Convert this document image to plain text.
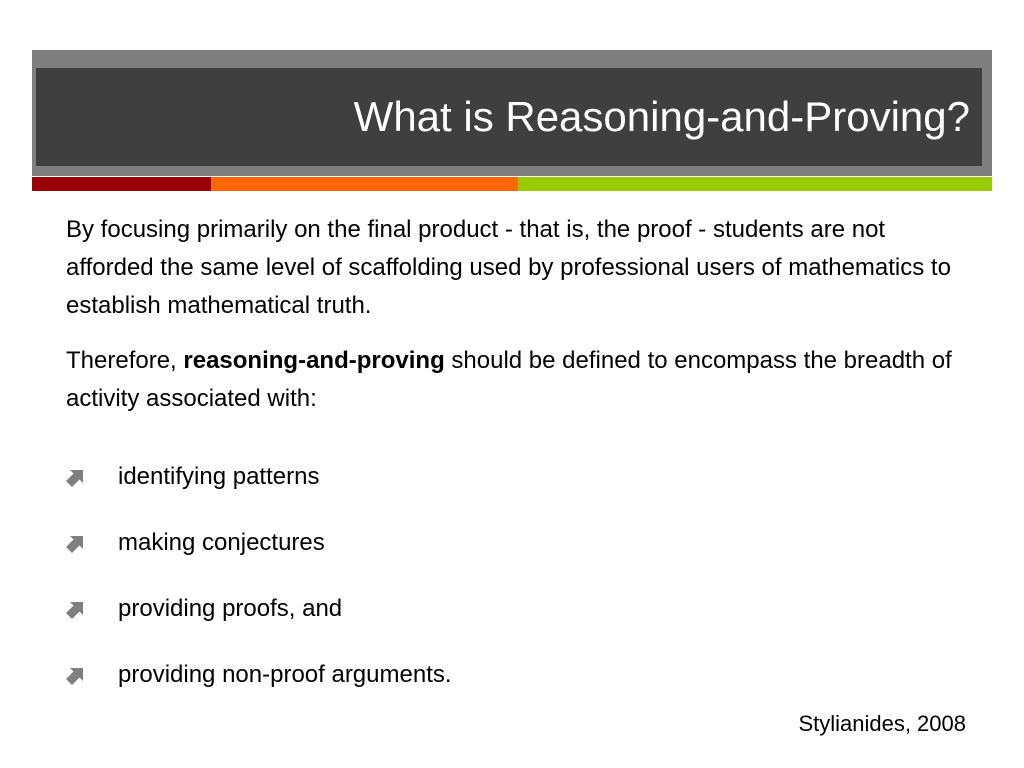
What is Reasoning-and-Proving?
By focusing primarily on the final product - that is, the proof - students are not afforded the same level of scaffolding used by professional users of mathematics to establish mathematical truth.
Therefore, reasoning-and-proving should be defined to encompass the breadth of activity associated with:
identifying patterns
making conjectures
providing proofs, and
providing non-proof arguments.
Stylianides, 2008
